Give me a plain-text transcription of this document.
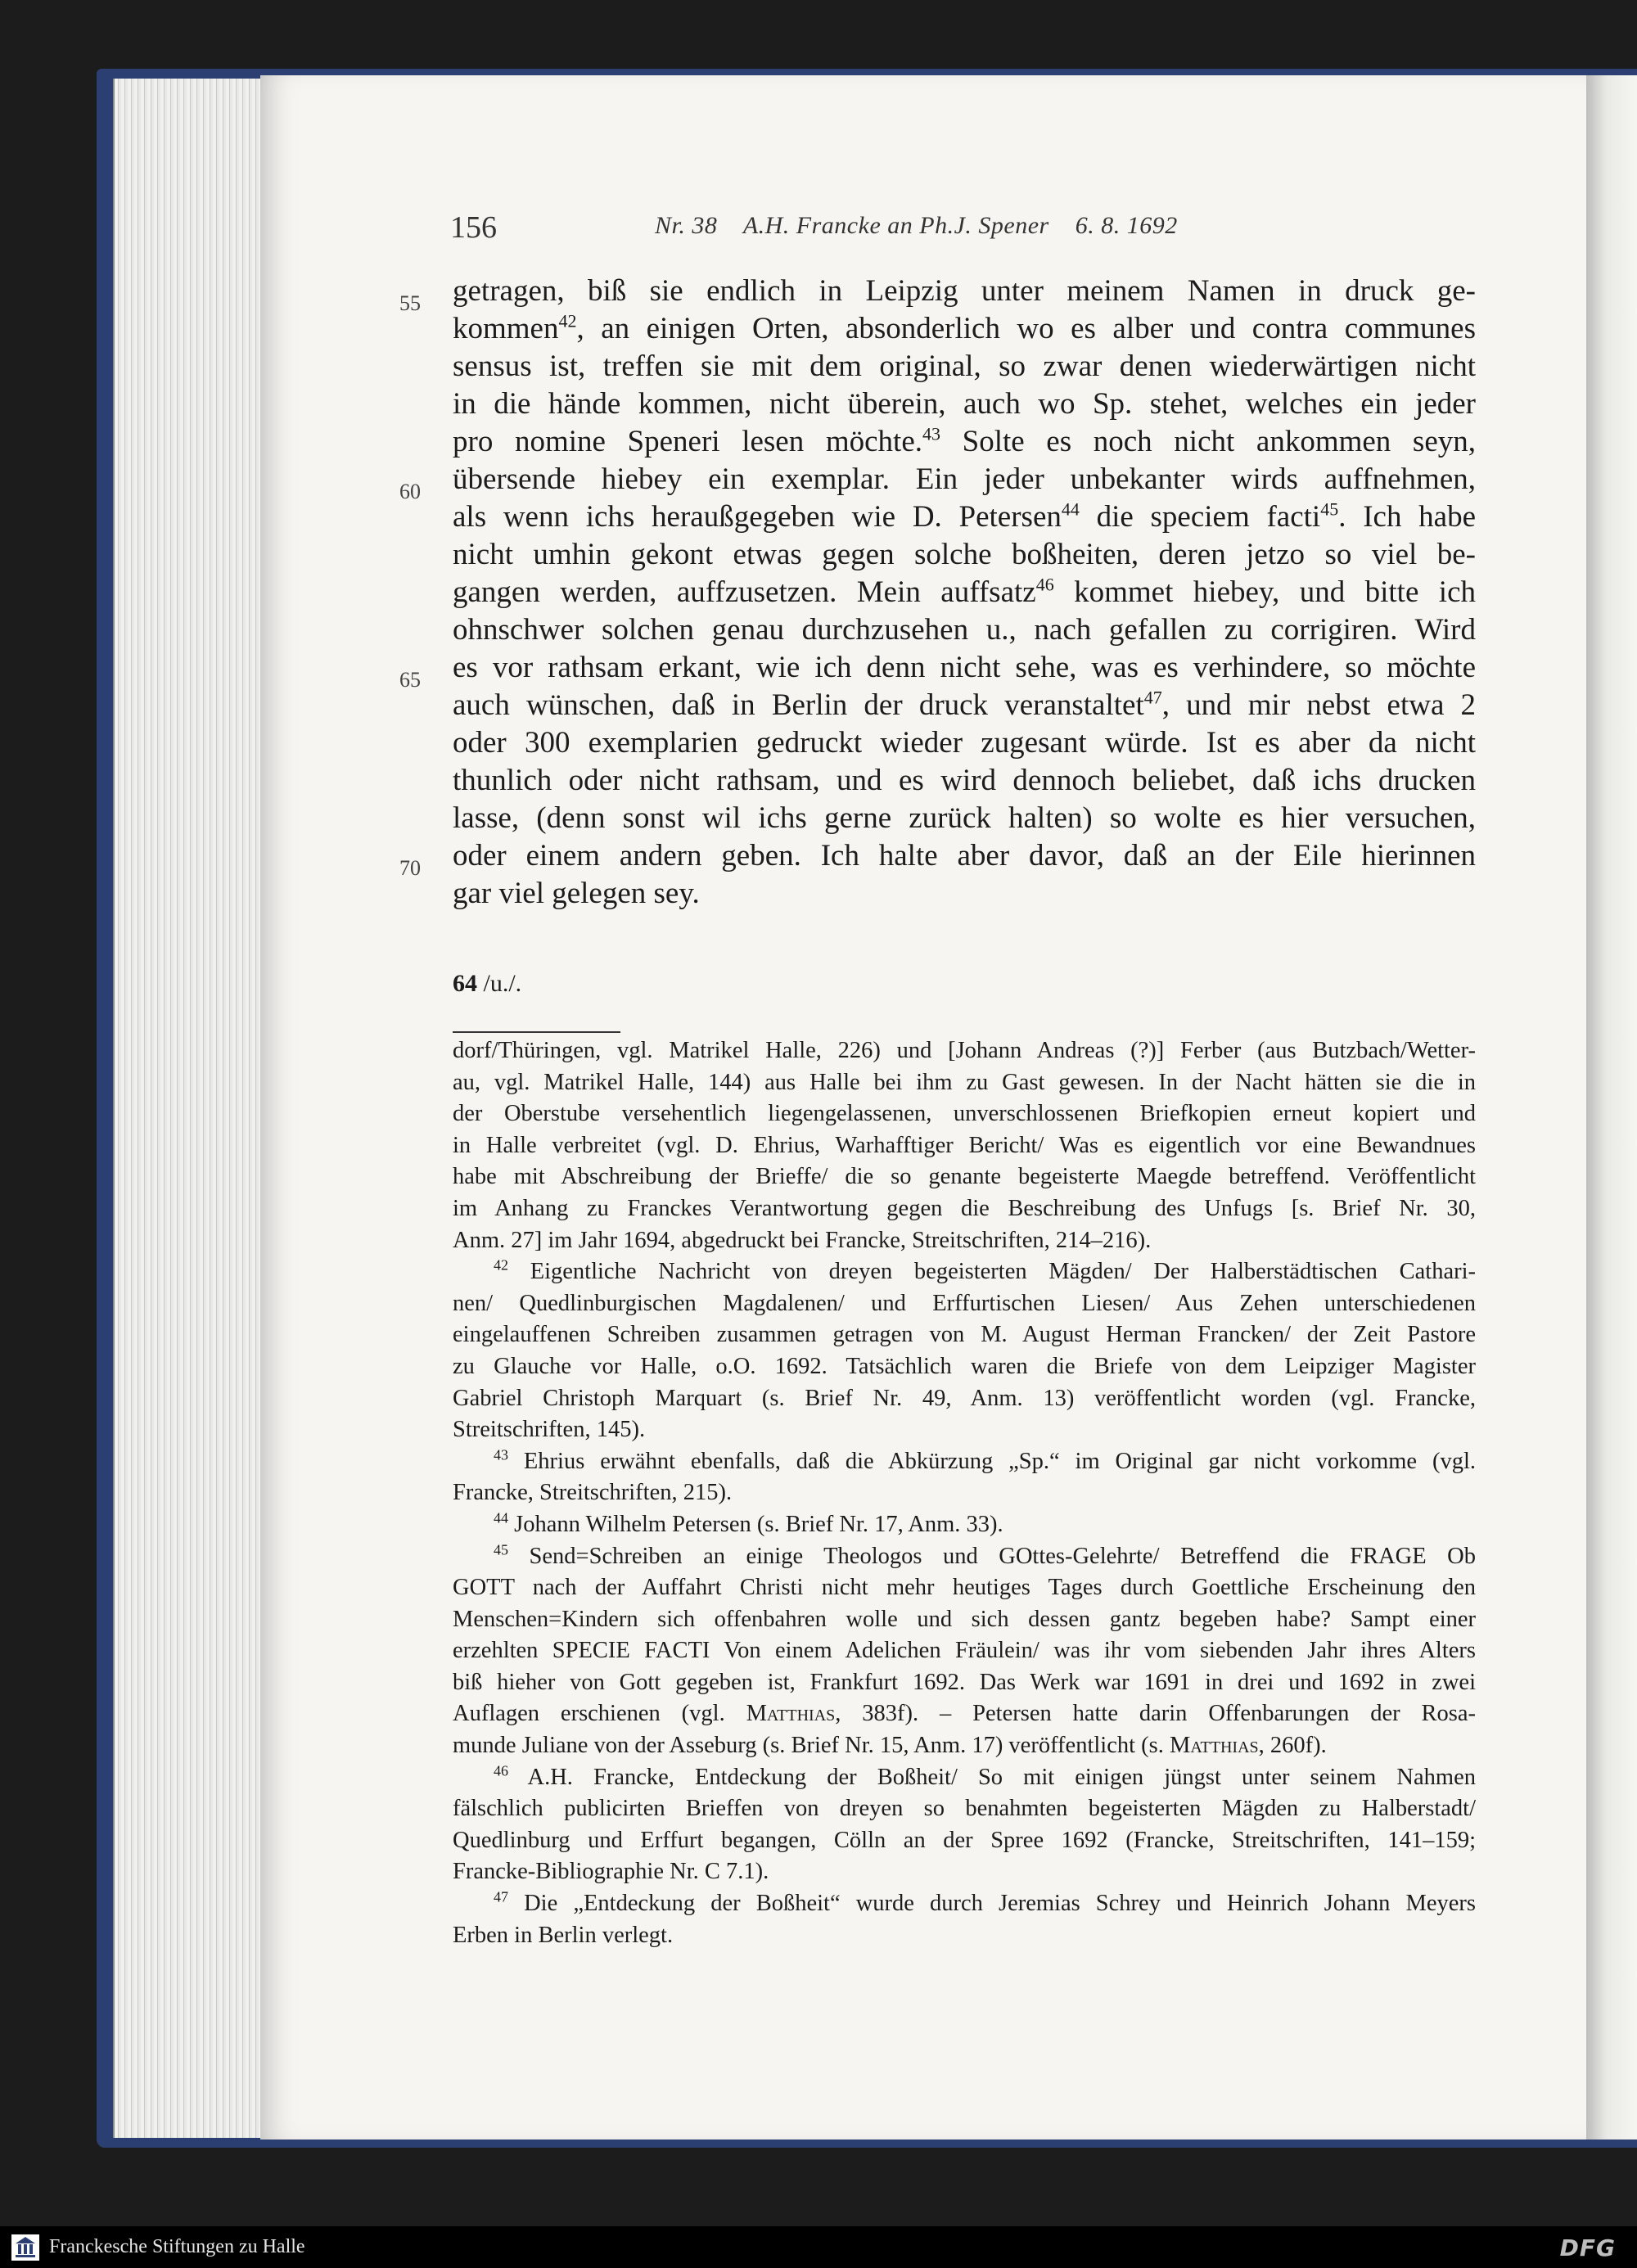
156	Nr. 38    A.H. Francke an Ph.J. Spener    6. 8. 1692
55
60
65
70
getragen, biß sie endlich in Leipzig unter meinem Namen in druck ge-
kommen$^{42}$, an einigen Orten, absonderlich wo es alber und contra communes
sensus ist, treffen sie mit dem original, so zwar denen wiederwärtigen nicht
in die hände kommen, nicht überein, auch wo Sp. stehet, welches ein jeder
pro nomine Speneri lesen möchte.$^{43}$ Solte es noch nicht ankommen seyn,
übersende hiebey ein exemplar. Ein jeder unbekanter wirds auffnehmen,
als wenn ichs heraußgegeben wie D. Petersen$^{44}$ die speciem facti$^{45}$. Ich habe
nicht umhin gekont etwas gegen solche boßheiten, deren jetzo so viel be-
gangen werden, auffzusetzen. Mein auffsatz$^{46}$ kommet hiebey, und bitte ich
ohnschwer solchen genau durchzusehen u., nach gefallen zu corrigiren. Wird
es vor rathsam erkant, wie ich denn nicht sehe, was es verhindere, so möchte
auch wünschen, daß in Berlin der druck veranstaltet$^{47}$, und mir nebst etwa 2
oder 300 exemplarien gedruckt wieder zugesant würde. Ist es aber da nicht
thunlich oder nicht rathsam, und es wird dennoch beliebet, daß ichs drucken
lasse, (denn sonst wil ichs gerne zurück halten) so wolte es hier versuchen,
oder einem andern geben. Ich halte aber davor, daß an der Eile hierinnen
gar viel gelegen sey.
64 /u./.
dorf/Thüringen, vgl. Matrikel Halle, 226) und [Johann Andreas (?)] Ferber (aus Butzbach/Wetter-
au, vgl. Matrikel Halle, 144) aus Halle bei ihm zu Gast gewesen. In der Nacht hätten sie die in
der Oberstube versehentlich liegengelassenen, unverschlossenen Briefkopien erneut kopiert und
in Halle verbreitet (vgl. D. Ehrius, Warhafftiger Bericht/ Was es eigentlich vor eine Bewandnues
habe mit Abschreibung der Brieffe/ die so genante begeisterte Maegde betreffend. Veröffentlicht
im Anhang zu Franckes Verantwortung gegen die Beschreibung des Unfugs [s. Brief Nr. 30,
Anm. 27] im Jahr 1694, abgedruckt bei Francke, Streitschriften, 214–216).
$^{42}$ Eigentliche Nachricht von dreyen begeisterten Mägden/ Der Halberstädtischen Cathari-
nen/ Quedlinburgischen Magdalenen/ und Erffurtischen Liesen/ Aus Zehen unterschiedenen
eingelauffenen Schreiben zusammen getragen von M. August Herman Francken/ der Zeit Pastore
zu Glauche vor Halle, o.O. 1692. Tatsächlich waren die Briefe von dem Leipziger Magister
Gabriel Christoph Marquart (s. Brief Nr. 49, Anm. 13) veröffentlicht worden (vgl. Francke,
Streitschriften, 145).
$^{43}$ Ehrius erwähnt ebenfalls, daß die Abkürzung „Sp.“ im Original gar nicht vorkomme (vgl.
Francke, Streitschriften, 215).
$^{44}$ Johann Wilhelm Petersen (s. Brief Nr. 17, Anm. 33).
$^{45}$ Send=Schreiben an einige Theologos und GOttes-Gelehrte/ Betreffend die FRAGE Ob
GOTT nach der Auffahrt Christi nicht mehr heutiges Tages durch Goettliche Erscheinung den
Menschen=Kindern sich offenbahren wolle und sich dessen gantz begeben habe? Sampt einer
erzehlten SPECIE FACTI Von einem Adelichen Fräulein/ was ihr vom siebenden Jahr ihres Alters
biß hieher von Gott gegeben ist, Frankfurt 1692. Das Werk war 1691 in drei und 1692 in zwei
Auflagen erschienen (vgl. Matthias, 383f). – Petersen hatte darin Offenbarungen der Rosa-
munde Juliane von der Asseburg (s. Brief Nr. 15, Anm. 17) veröffentlicht (s. Matthias, 260f).
$^{46}$ A.H. Francke, Entdeckung der Boßheit/ So mit einigen jüngst unter seinem Nahmen
fälschlich publicirten Brieffen von dreyen so benahmten begeisterten Mägden zu Halberstadt/
Quedlinburg und Erffurt begangen, Cölln an der Spree 1692 (Francke, Streitschriften, 141–159;
Francke-Bibliographie Nr. C 7.1).
$^{47}$ Die „Entdeckung der Boßheit“ wurde durch Jeremias Schrey und Heinrich Johann Meyers
Erben in Berlin verlegt.
Franckesche Stiftungen zu Halle	DFG
